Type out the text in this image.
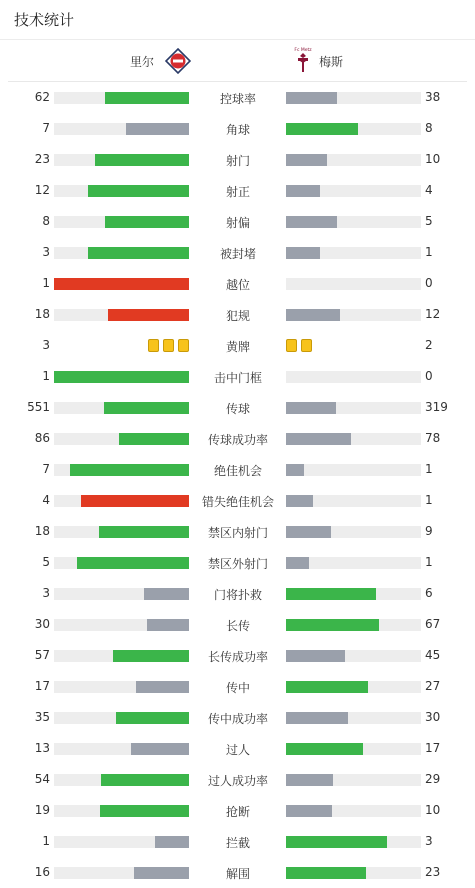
技术统计
里尔
Fc Metz
梅斯
62	控球率	38
7	角球	8
23	射门	10
12	射正	4
8	射偏	5
3	被封堵	1
1	越位	0
18	犯规	12
3	黄牌	2
1	击中门框	0
551	传球	319
86	传球成功率	78
7	绝佳机会	1
4	错失绝佳机会	1
18	禁区内射门	9
5	禁区外射门	1
3	门将扑救	6
30	长传	67
57	长传成功率	45
17	传中	27
35	传中成功率	30
13	过人	17
54	过人成功率	29
19	抢断	10
1	拦截	3
16	解围	23
